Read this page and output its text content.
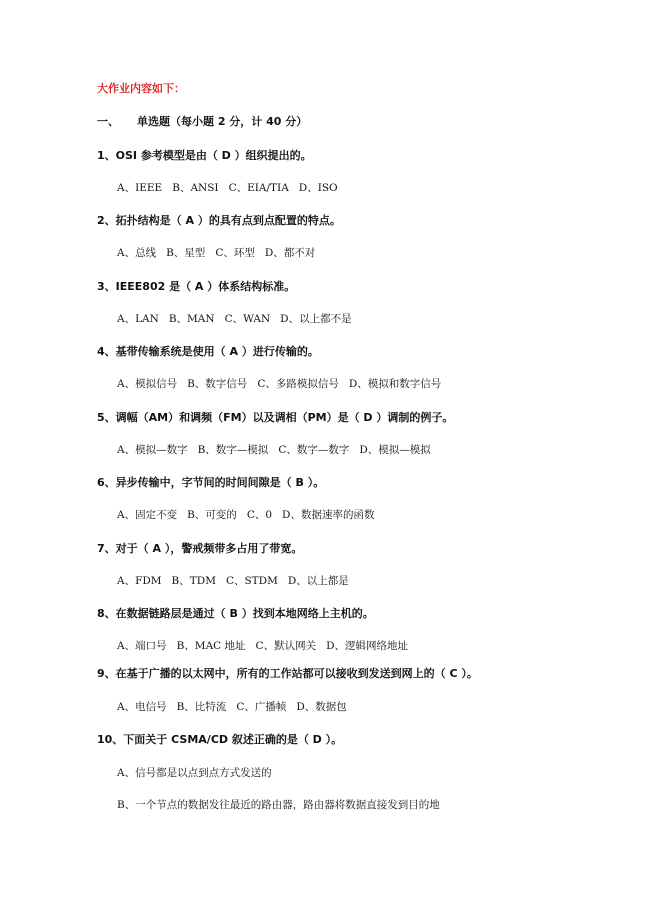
大作业内容如下：
一、 单选题（每小题 2 分，计 40 分）
1、OSI 参考模型是由（ D ）组织提出的。
A、IEEE   B、ANSI   C、EIA/TIA   D、ISO
2、拓扑结构是（ A ）的具有点到点配置的特点。
A、总线   B、星型   C、环型   D、都不对
3、IEEE802 是（ A ）体系结构标准。
A、LAN   B、MAN   C、WAN   D、以上都不是
4、基带传输系统是使用（ A ）进行传输的。
A、模拟信号   B、数字信号   C、多路模拟信号   D、模拟和数字信号
5、调幅（AM）和调频（FM）以及调相（PM）是（ D ）调制的例子。
A、模拟—数字   B、数字—模拟   C、数字—数字   D、模拟—模拟
6、异步传输中，字节间的时间间隙是（ B ）。
A、固定不变   B、可变的   C、0   D、数据速率的函数
7、对于（ A ），警戒频带多占用了带宽。
A、FDM   B、TDM   C、STDM   D、以上都是
8、在数据链路层是通过（ B ）找到本地网络上主机的。
A、端口号   B、MAC 地址   C、默认网关   D、逻辑网络地址
9、在基于广播的以太网中，所有的工作站都可以接收到发送到网上的（ C ）。
A、电信号   B、比特流   C、广播帧   D、数据包
10、下面关于 CSMA/CD 叙述正确的是（ D ）。
A、信号都是以点到点方式发送的
B、一个节点的数据发往最近的路由器，路由器将数据直接发到目的地
